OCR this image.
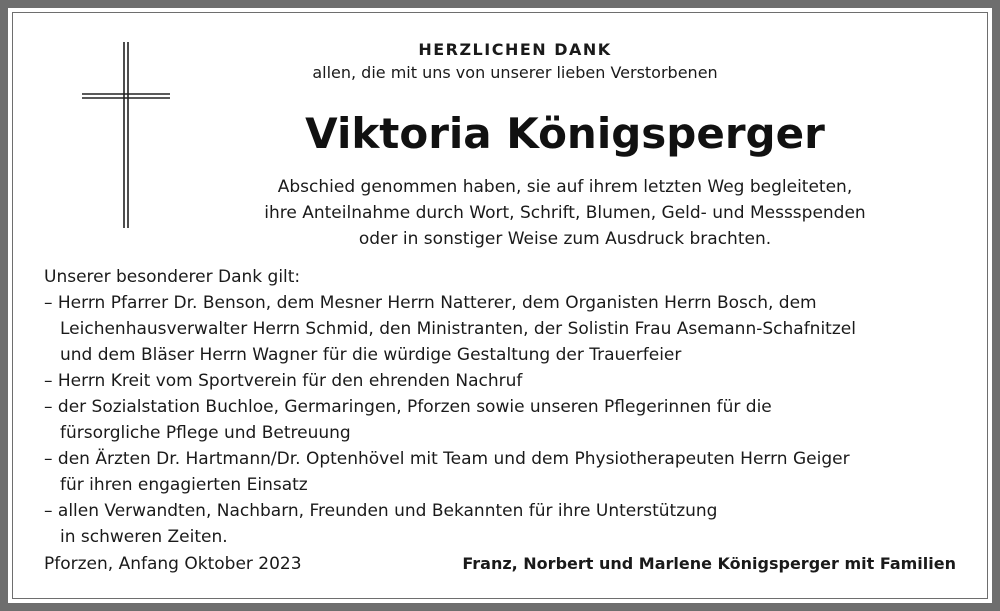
HERZLICHEN DANK
allen, die mit uns von unserer lieben Verstorbenen
Viktoria Königsperger
Abschied genommen haben, sie auf ihrem letzten Weg begleiteten,
ihre Anteilnahme durch Wort, Schrift, Blumen, Geld- und Messspenden
oder in sonstiger Weise zum Ausdruck brachten.
Unserer besonderer Dank gilt:
– Herrn Pfarrer Dr. Benson, dem Mesner Herrn Natterer, dem Organisten Herrn Bosch, dem
Leichenhausverwalter Herrn Schmid, den Ministranten, der Solistin Frau Asemann-Schafnitzel
und dem Bläser Herrn Wagner für die würdige Gestaltung der Trauerfeier
– Herrn Kreit vom Sportverein für den ehrenden Nachruf
– der Sozialstation Buchloe, Germaringen, Pforzen sowie unseren Pflegerinnen für die
fürsorgliche Pflege und Betreuung
– den Ärzten Dr. Hartmann/Dr. Optenhövel mit Team und dem Physiotherapeuten Herrn Geiger
für ihren engagierten Einsatz
– allen Verwandten, Nachbarn, Freunden und Bekannten für ihre Unterstützung
in schweren Zeiten.
Pforzen, Anfang Oktober 2023	Franz, Norbert und Marlene Königsperger mit Familien
